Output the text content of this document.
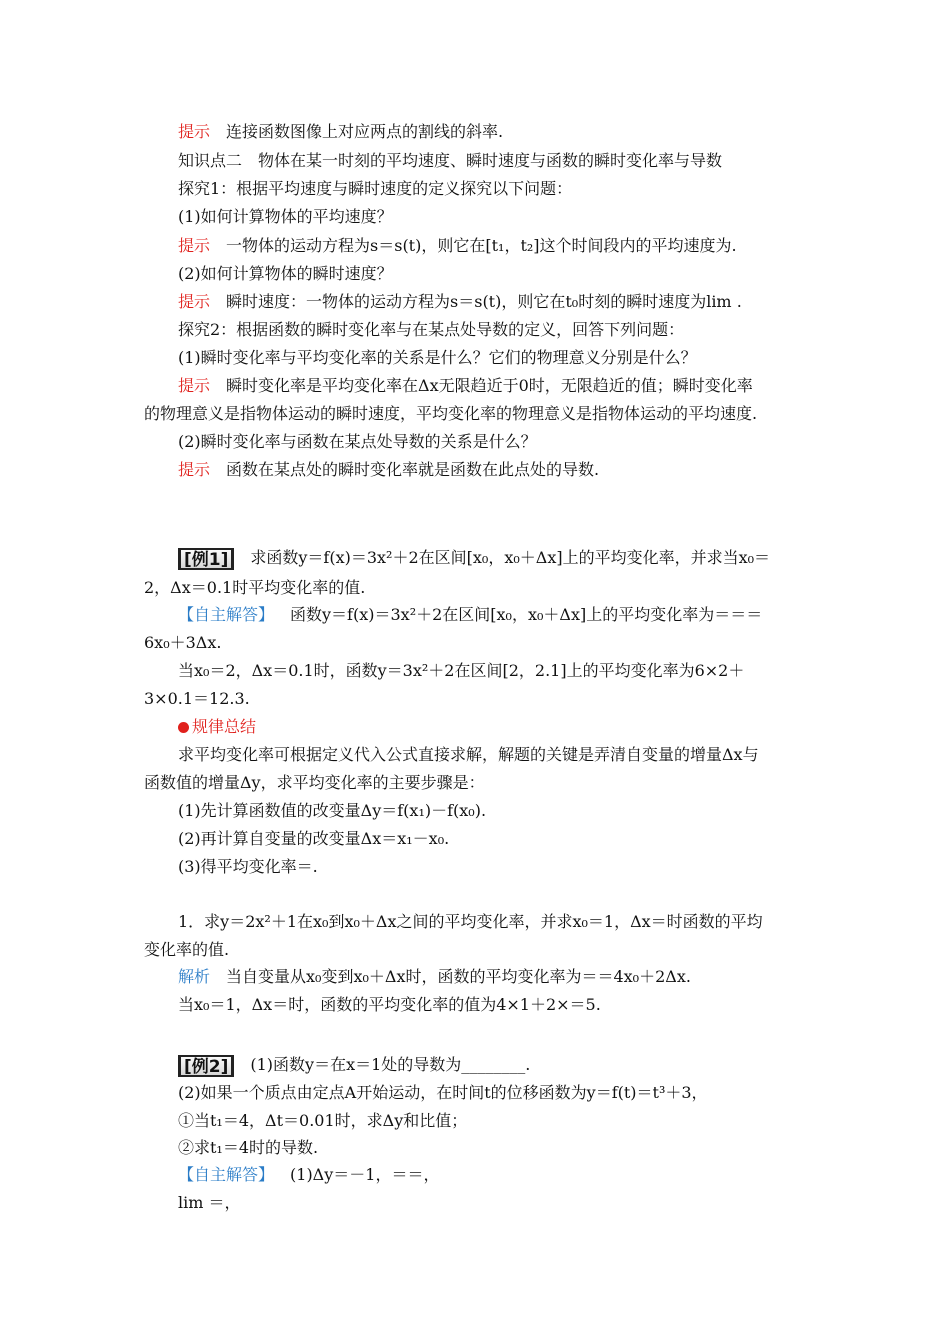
提示 连接函数图像上对应两点的割线的斜率.
知识点二　物体在某一时刻的平均速度、瞬时速度与函数的瞬时变化率与导数
探究1：根据平均速度与瞬时速度的定义探究以下问题：
(1)如何计算物体的平均速度？
提示 一物体的运动方程为s＝s(t)，则它在[t₁，t₂]这个时间段内的平均速度为.
(2)如何计算物体的瞬时速度？
提示 瞬时速度：一物体的运动方程为s＝s(t)，则它在t₀时刻的瞬时速度为lim .
探究2：根据函数的瞬时变化率与在某点处导数的定义，回答下列问题：
(1)瞬时变化率与平均变化率的关系是什么？它们的物理意义分别是什么？
提示 瞬时变化率是平均变化率在Δx无限趋近于0时，无限趋近的值；瞬时变化率
的物理意义是指物体运动的瞬时速度，平均变化率的物理意义是指物体运动的平均速度.
(2)瞬时变化率与函数在某点处导数的关系是什么？
提示 函数在某点处的瞬时变化率就是函数在此点处的导数.
[例1] 求函数y＝f(x)＝3x²＋2在区间[x₀，x₀＋Δx]上的平均变化率，并求当x₀＝
2，Δx＝0.1时平均变化率的值.
【自主解答】 函数y＝f(x)＝3x²＋2在区间[x₀，x₀＋Δx]上的平均变化率为＝＝＝
6x₀＋3Δx.
当x₀＝2，Δx＝0.1时，函数y＝3x²＋2在区间[2，2.1]上的平均变化率为6×2＋
3×0.1＝12.3.
规律总结
求平均变化率可根据定义代入公式直接求解，解题的关键是弄清自变量的增量Δx与
函数值的增量Δy，求平均变化率的主要步骤是：
(1)先计算函数值的改变量Δy＝f(x₁)－f(x₀).
(2)再计算自变量的改变量Δx＝x₁－x₀.
(3)得平均变化率＝.
1．求y＝2x²＋1在x₀到x₀＋Δx之间的平均变化率，并求x₀＝1，Δx＝时函数的平均
变化率的值.
解析 当自变量从x₀变到x₀＋Δx时，函数的平均变化率为＝＝4x₀＋2Δx.
当x₀＝1，Δx＝时，函数的平均变化率的值为4×1＋2×＝5.
[例2] (1)函数y＝在x＝1处的导数为________.
(2)如果一个质点由定点A开始运动，在时间t的位移函数为y＝f(t)＝t³＋3，
①当t₁＝4，Δt＝0.01时，求Δy和比值；
②求t₁＝4时的导数.
【自主解答】 (1)Δy＝－1，＝＝，
lim ＝，
